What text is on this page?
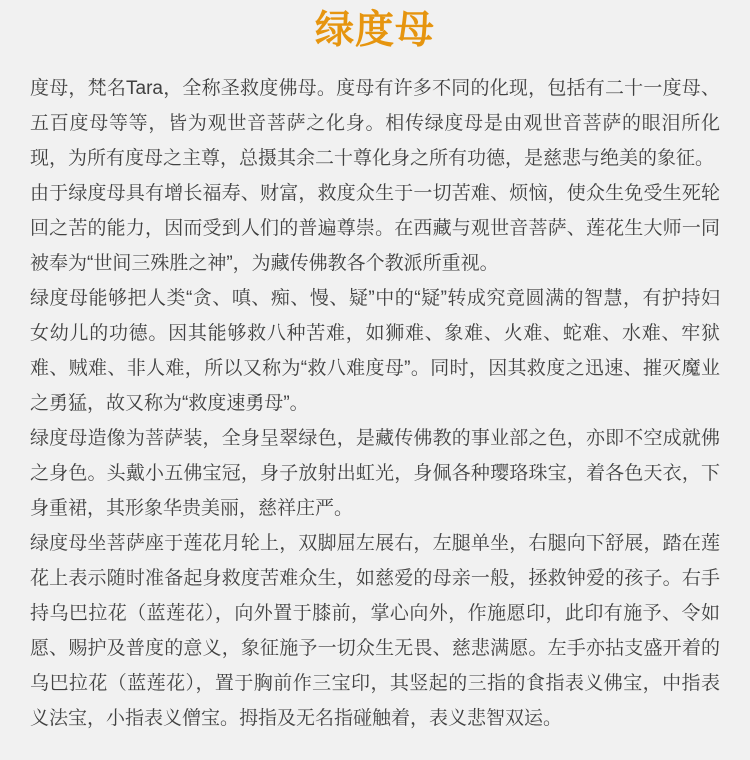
绿度母

度母，梵名Tara，全称圣救度佛母。度母有许多不同的化现，包括有二十一度母、五百度母等等，皆为观世音菩萨之化身。相传绿度母是由观世音菩萨的眼泪所化现，为所有度母之主尊，总摄其余二十尊化身之所有功德，是慈悲与绝美的象征。

由于绿度母具有增长福寿、财富，救度众生于一切苦难、烦恼，使众生免受生死轮回之苦的能力，因而受到人们的普遍尊崇。在西藏与观世音菩萨、莲花生大师一同被奉为“世间三殊胜之神”，为藏传佛教各个教派所重视。

绿度母能够把人类“贪、嗔、痴、慢、疑”中的“疑”转成究竟圆满的智慧，有护持妇女幼儿的功德。因其能够救八种苦难，如狮难、象难、火难、蛇难、水难、牢狱难、贼难、非人难，所以又称为“救八难度母”。同时，因其救度之迅速、摧灭魔业之勇猛，故又称为“救度速勇母”。

绿度母造像为菩萨装，全身呈翠绿色，是藏传佛教的事业部之色，亦即不空成就佛之身色。头戴小五佛宝冠，身子放射出虹光，身佩各种璎珞珠宝，着各色天衣，下身重裙，其形象华贵美丽，慈祥庄严。

绿度母坐菩萨座于莲花月轮上，双脚屈左展右，左腿单坐，右腿向下舒展，踏在莲花上表示随时准备起身救度苦难众生，如慈爱的母亲一般，拯救钟爱的孩子。右手持乌巴拉花（蓝莲花），向外置于膝前，掌心向外，作施愿印，此印有施予、令如愿、赐护及普度的意义，象征施予一切众生无畏、慈悲满愿。左手亦拈支盛开着的乌巴拉花（蓝莲花），置于胸前作三宝印，其竖起的三指的食指表义佛宝，中指表义法宝，小指表义僧宝。拇指及无名指碰触着，表义悲智双运。
